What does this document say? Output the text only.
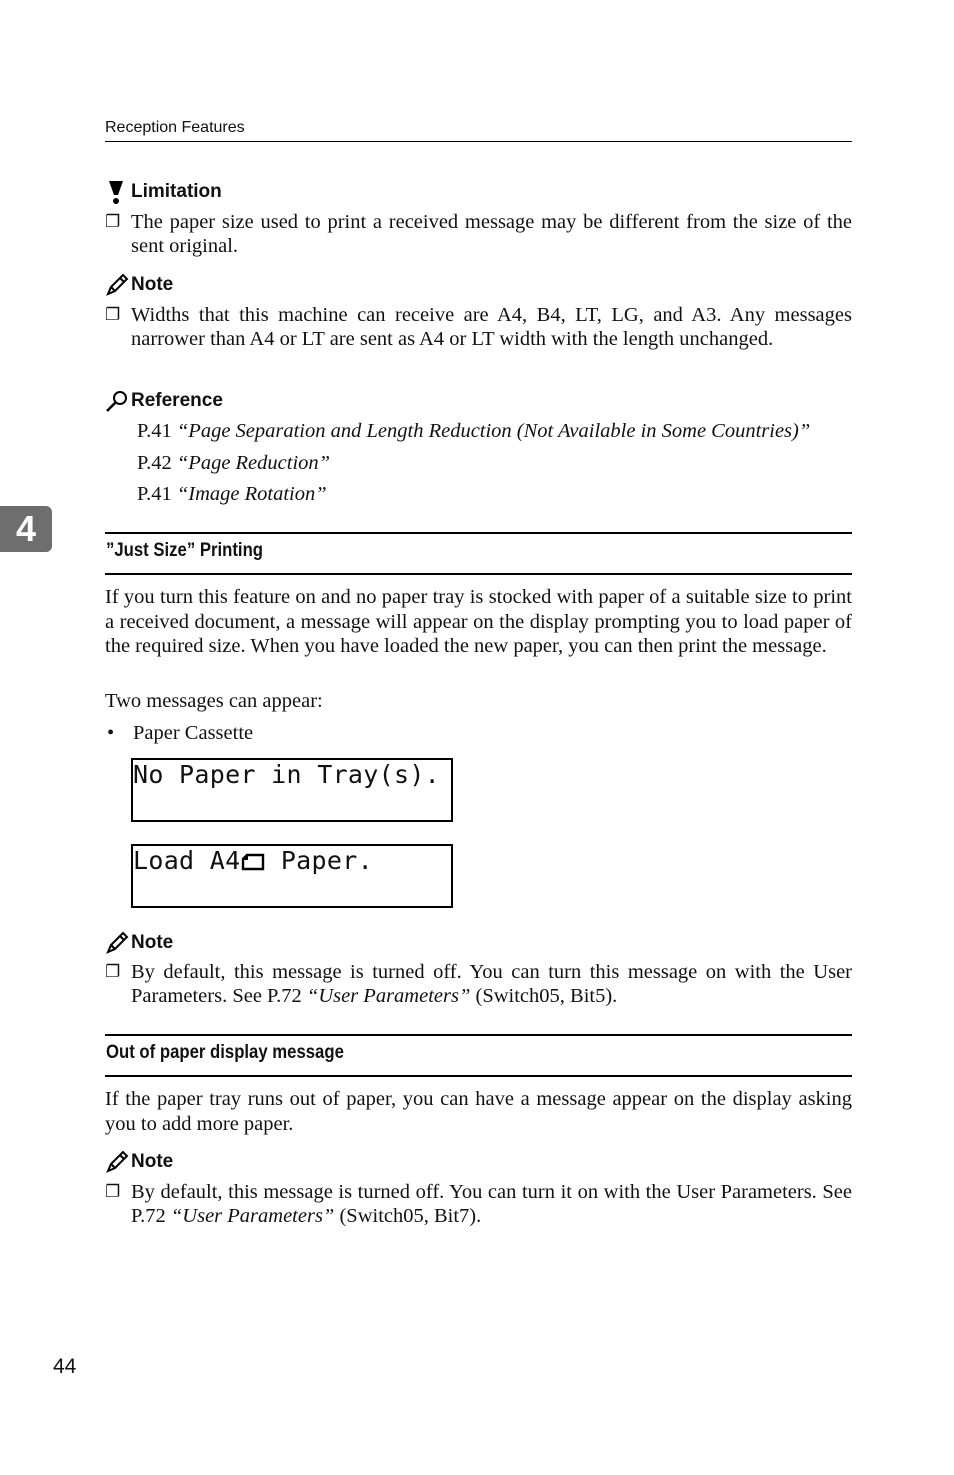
Reception Features
4
Limitation
❐ The paper size used to print a received message may be different from the size of the sent original.
Note
❐ Widths that this machine can receive are A4, B4, LT, LG, and A3. Any messages narrower than A4 or LT are sent as A4 or LT width with the length unchanged.
Reference
P.41 “Page Separation and Length Reduction (Not Available in Some Countries)”
P.42 “Page Reduction”
P.41 “Image Rotation”
”Just Size” Printing
If you turn this feature on and no paper tray is stocked with paper of a suitable size to print a received document, a message will appear on the display prompting you to load paper of the required size. When you have loaded the new paper, you can then print the message.
Two messages can appear:
• Paper Cassette
No Paper in Tray(s).
Load A4 Paper.
Note
❐ By default, this message is turned off. You can turn this message on with the User Parameters. See P.72 “User Parameters” (Switch05, Bit5).
Out of paper display message
If the paper tray runs out of paper, you can have a message appear on the display asking you to add more paper.
Note
❐ By default, this message is turned off. You can turn it on with the User Parameters. See P.72 “User Parameters” (Switch05, Bit7).
44
